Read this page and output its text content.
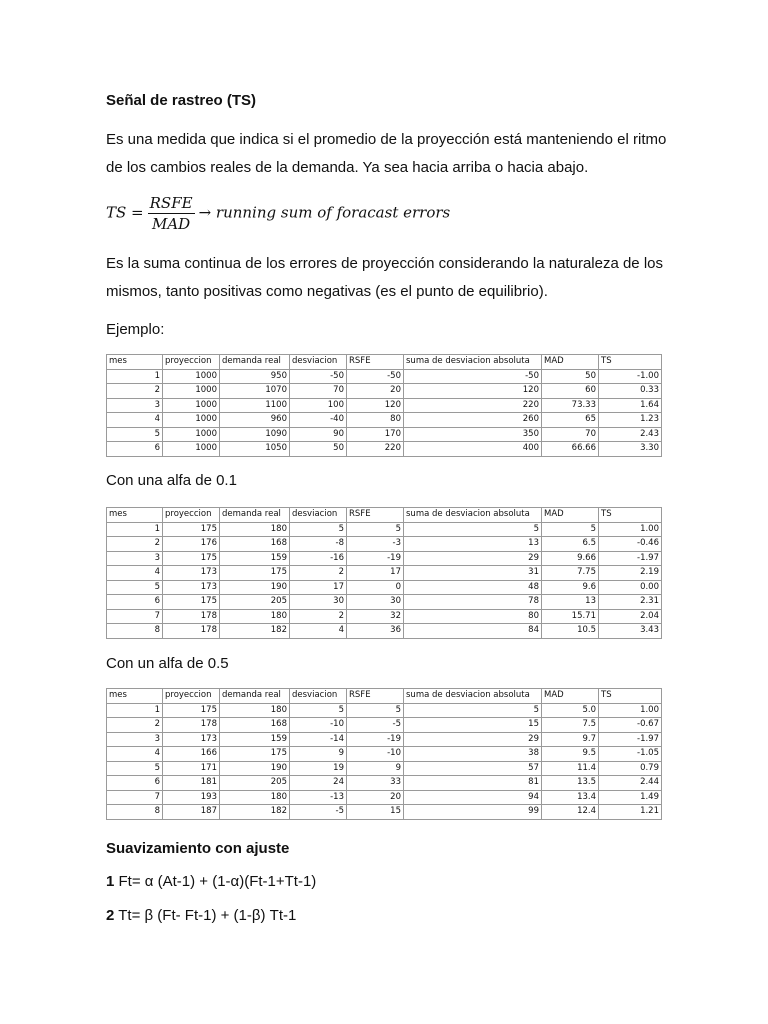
Señal de rastreo (TS)
Es una medida que indica si el promedio de la proyección está manteniendo el ritmo de los cambios reales de la demanda. Ya sea hacia arriba o hacia abajo.
TS = $\frac{\text{RSFE}}{\text{MAD}}$ → running sum of foracast errors
Es la suma continua de los errores de proyección considerando la naturaleza de los mismos, tanto positivas como negativas (es el punto de equilibrio).
Ejemplo:
mes	proyeccion	demanda real	desviacion	RSFE	suma de desviacion absoluta	MAD	TS
1	1000	950	-50	-50	-50	50	-1.00
2	1000	1070	70	20	120	60	0.33
3	1000	1100	100	120	220	73.33	1.64
4	1000	960	-40	80	260	65	1.23
5	1000	1090	90	170	350	70	2.43
6	1000	1050	50	220	400	66.66	3.30
Con una alfa de 0.1
mes	proyeccion	demanda real	desviacion	RSFE	suma de desviacion absoluta	MAD	TS
1	175	180	5	5	5	5	1.00
2	176	168	-8	-3	13	6.5	-0.46
3	175	159	-16	-19	29	9.66	-1.97
4	173	175	2	17	31	7.75	2.19
5	173	190	17	0	48	9.6	0.00
6	175	205	30	30	78	13	2.31
7	178	180	2	32	80	15.71	2.04
8	178	182	4	36	84	10.5	3.43
Con un alfa de 0.5
mes	proyeccion	demanda real	desviacion	RSFE	suma de desviacion absoluta	MAD	TS
1	175	180	5	5	5	5.0	1.00
2	178	168	-10	-5	15	7.5	-0.67
3	173	159	-14	-19	29	9.7	-1.97
4	166	175	9	-10	38	9.5	-1.05
5	171	190	19	9	57	11.4	0.79
6	181	205	24	33	81	13.5	2.44
7	193	180	-13	20	94	13.4	1.49
8	187	182	-5	15	99	12.4	1.21
Suavizamiento con ajuste
1 Ft= α (At-1) + (1-α)(Ft-1+Tt-1)
2 Tt= β (Ft- Ft-1) + (1-β) Tt-1
